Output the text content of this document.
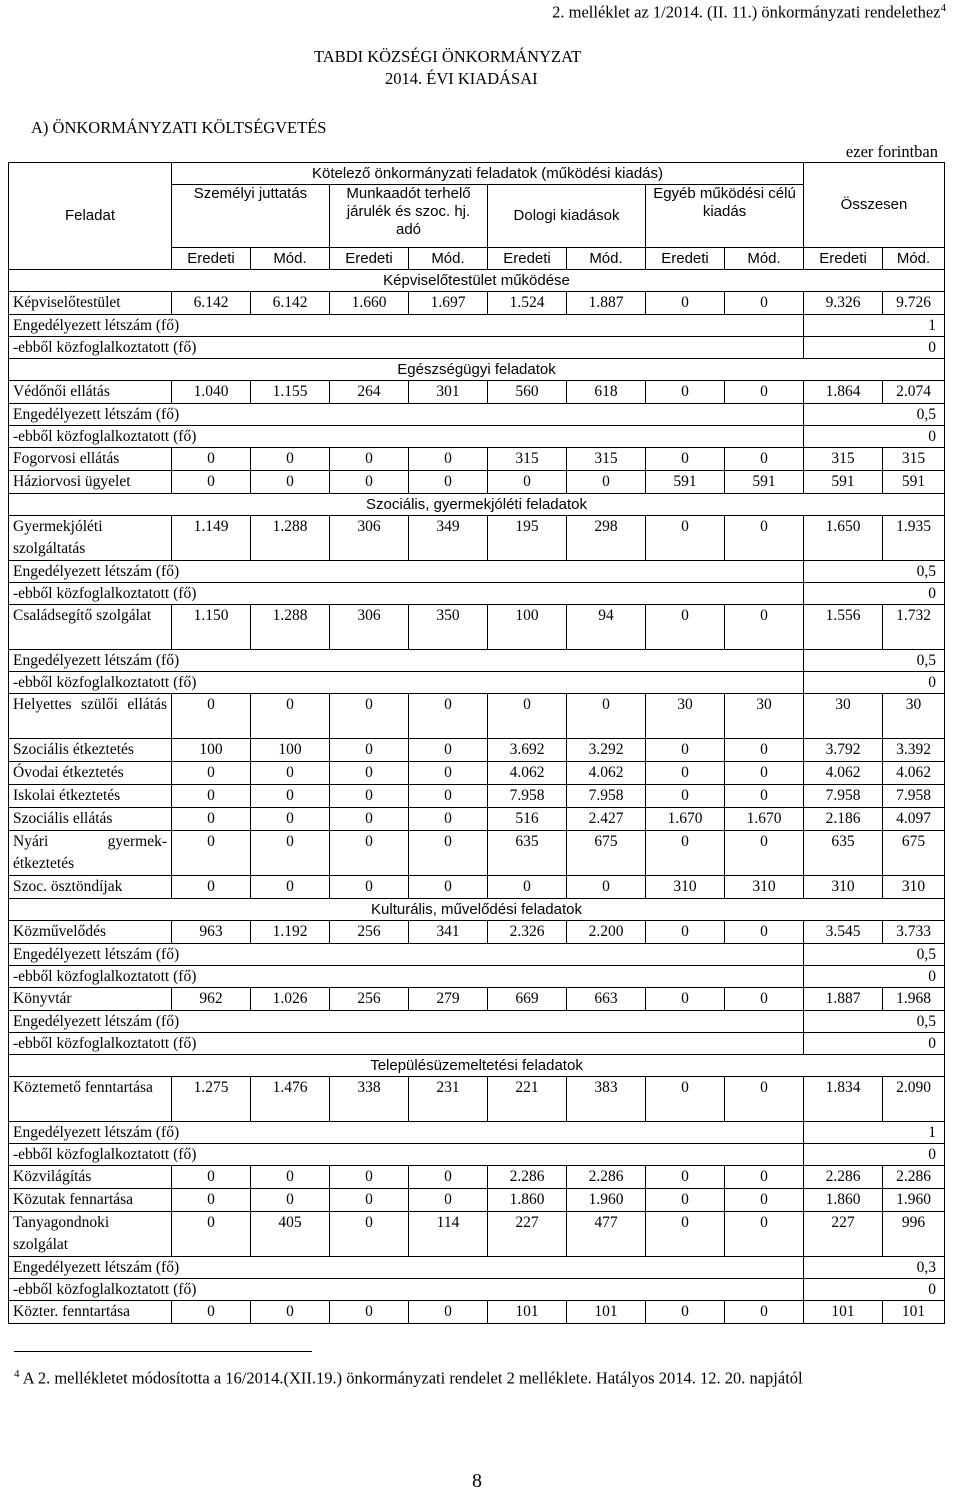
2. melléklet az 1/2014. (II. 11.) önkormányzati rendelethez$^4$
TABDI KÖZSÉGI ÖNKORMÁNYZAT
2014. ÉVI KIADÁSAI
A) ÖNKORMÁNYZATI KÖLTSÉGVETÉS
ezer forintban
Feladat	Kötelező önkormányzati feladatok (működési kiadás)								Összesen	
	Személyi juttatás		Munkaadót terhelő járulék és szoc. hj. adó		Dologi kiadások		Egyéb működési célú kiadás			
	Eredeti	Mód.	Eredeti	Mód.	Eredeti	Mód.	Eredeti	Mód.	Eredeti	Mód.
Képviselőtestület működése										
Képviselőtestület	6.142	6.142	1.660	1.697	1.524	1.887	0	0	9.326	9.726
Engedélyezett létszám (fő)									1	
-ebből közfoglalkoztatott (fő)									0	
Egészségügyi feladatok										
Védőnői ellátás	1.040	1.155	264	301	560	618	0	0	1.864	2.074
Engedélyezett létszám (fő)									0,5	
-ebből közfoglalkoztatott (fő)									0	
Fogorvosi ellátás	0	0	0	0	315	315	0	0	315	315
Háziorvosi ügyelet	0	0	0	0	0	0	591	591	591	591
Szociális, gyermekjóléti feladatok										
Gyermekjóléti szolgáltatás	1.149	1.288	306	349	195	298	0	0	1.650	1.935
Engedélyezett létszám (fő)									0,5	
-ebből közfoglalkoztatott (fő)									0	
Családsegítő szolgálat	1.150	1.288	306	350	100	94	0	0	1.556	1.732
Engedélyezett létszám (fő)									0,5	
-ebből közfoglalkoztatott (fő)									0	
Helyettes szülői ellátás	0	0	0	0	0	0	30	30	30	30
Szociális étkeztetés	100	100	0	0	3.692	3.292	0	0	3.792	3.392
Óvodai étkeztetés	0	0	0	0	4.062	4.062	0	0	4.062	4.062
Iskolai étkeztetés	0	0	0	0	7.958	7.958	0	0	7.958	7.958
Szociális ellátás	0	0	0	0	516	2.427	1.670	1.670	2.186	4.097
Nyári gyermek-étkeztetés	0	0	0	0	635	675	0	0	635	675
Szoc. ösztöndíjak	0	0	0	0	0	0	310	310	310	310
Kulturális, művelődési feladatok										
Közművelődés	963	1.192	256	341	2.326	2.200	0	0	3.545	3.733
Engedélyezett létszám (fő)									0,5	
-ebből közfoglalkoztatott (fő)									0	
Könyvtár	962	1.026	256	279	669	663	0	0	1.887	1.968
Engedélyezett létszám (fő)									0,5	
-ebből közfoglalkoztatott (fő)									0	
Településüzemeltetési feladatok										
Köztemető fenntartása	1.275	1.476	338	231	221	383	0	0	1.834	2.090
Engedélyezett létszám (fő)									1	
-ebből közfoglalkoztatott (fő)									0	
Közvilágítás	0	0	0	0	2.286	2.286	0	0	2.286	2.286
Közutak fennartása	0	0	0	0	1.860	1.960	0	0	1.860	1.960
Tanyagondnoki szolgálat	0	405	0	114	227	477	0	0	227	996
Engedélyezett létszám (fő)									0,3	
-ebből közfoglalkoztatott (fő)									0	
Közter. fenntartása	0	0	0	0	101	101	0	0	101	101
$^4$ A 2. mellékletet módosította a 16/2014.(XII.19.) önkormányzati rendelet 2 melléklete. Hatályos 2014. 12. 20. napjától
8
